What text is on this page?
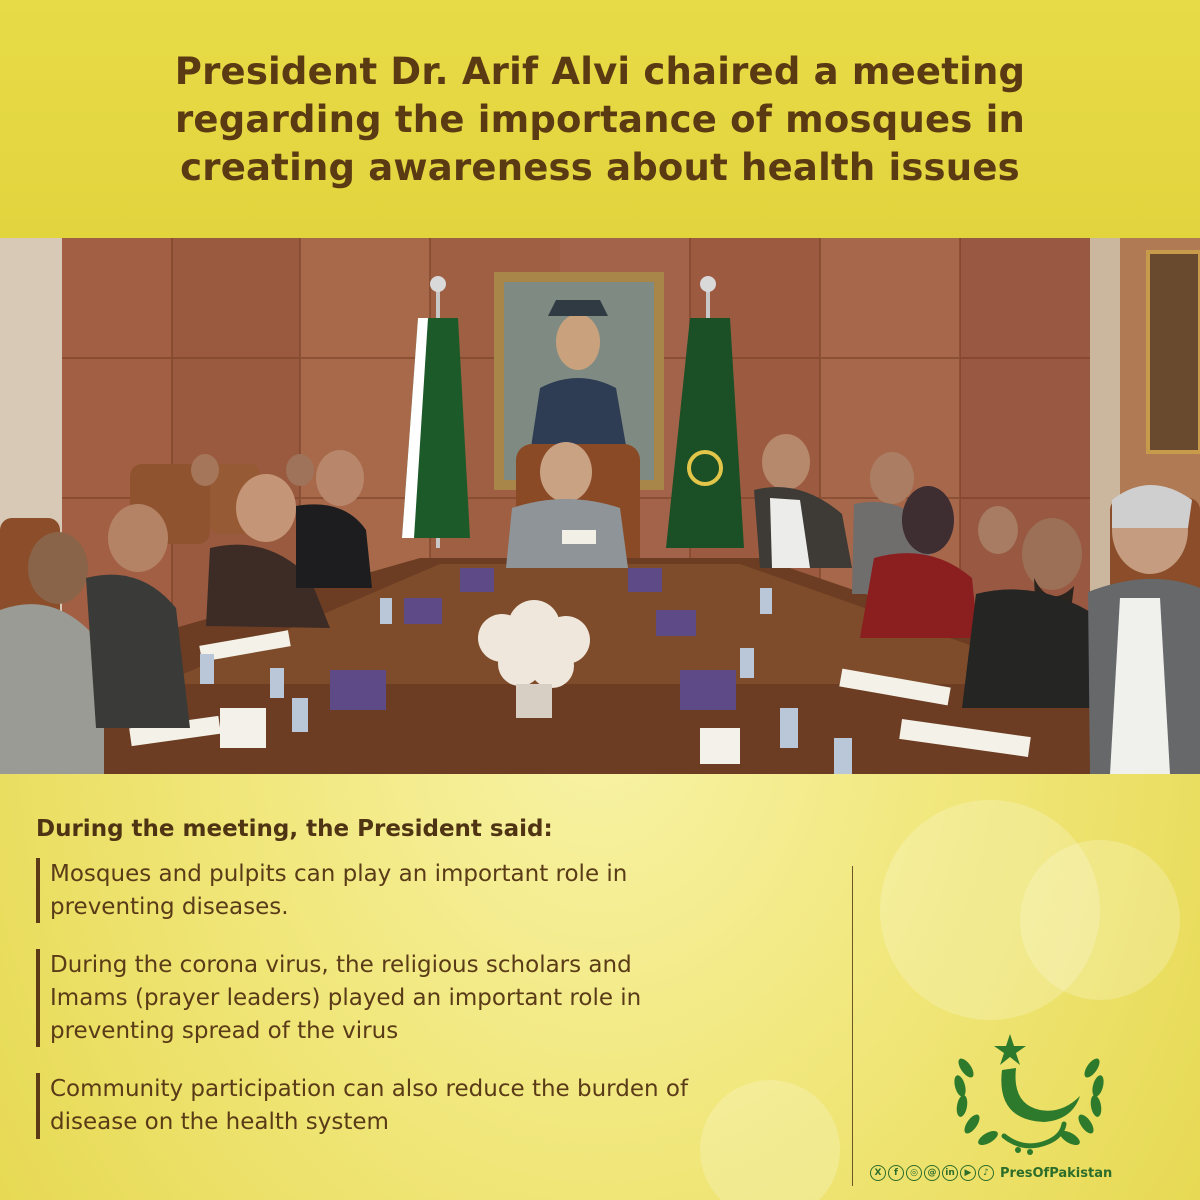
President Dr. Arif Alvi chaired a meeting
regarding the importance of mosques in
creating awareness about health issues
During the meeting, the President said:
Mosques and pulpits can play an important role in
preventing diseases.
During the corona virus, the religious scholars and
Imams (prayer leaders) played an important role in
preventing spread of the virus
Community participation can also reduce the burden of
disease on the health system
X	f	◎	@ in	▶	♪ PresOfPakistan
